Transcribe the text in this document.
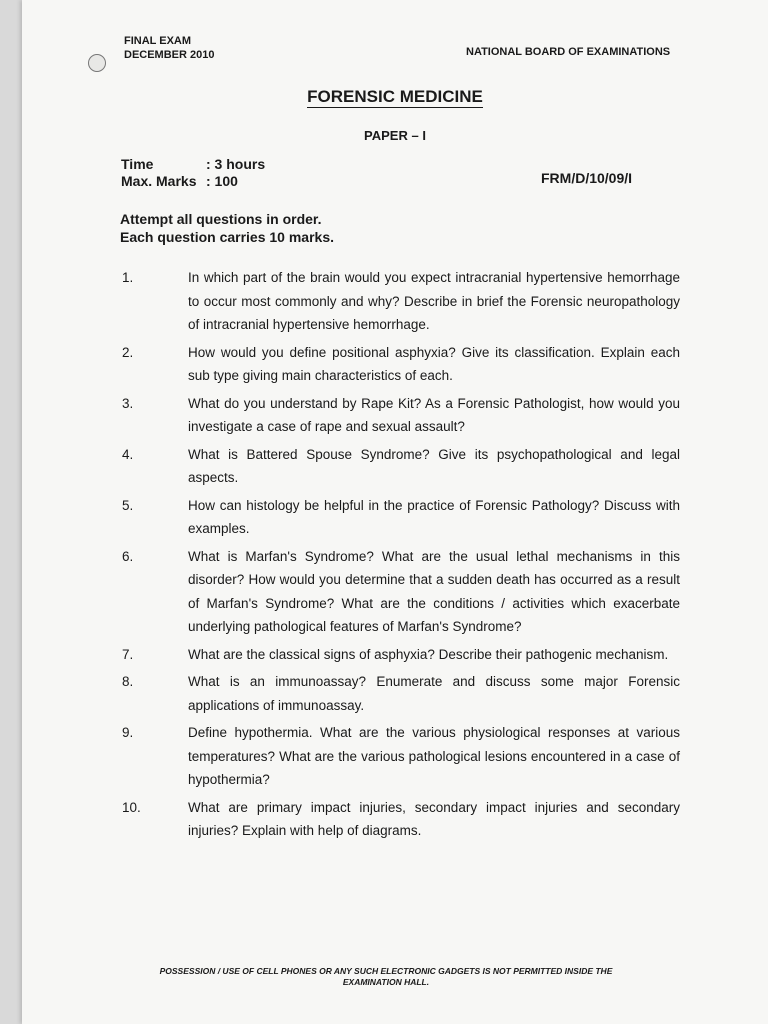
FINAL EXAM
DECEMBER 2010	NATIONAL BOARD OF EXAMINATIONS
FORENSIC MEDICINE
PAPER – I
Time	: 3 hours
Max. Marks : 100	FRM/D/10/09/I
Attempt all questions in order.
Each question carries 10 marks.
1.	In which part of the brain would you expect intracranial hypertensive hemorrhage to occur most commonly and why? Describe in brief the Forensic neuropathology of intracranial hypertensive hemorrhage.
2.	How would you define positional asphyxia? Give its classification. Explain each sub type giving main characteristics of each.
3.	What do you understand by Rape Kit? As a Forensic Pathologist, how would you investigate a case of rape and sexual assault?
4.	What is Battered Spouse Syndrome? Give its psychopathological and legal aspects.
5.	How can histology be helpful in the practice of Forensic Pathology? Discuss with examples.
6.	What is Marfan's Syndrome? What are the usual lethal mechanisms in this disorder? How would you determine that a sudden death has occurred as a result of Marfan's Syndrome? What are the conditions / activities which exacerbate underlying pathological features of Marfan's Syndrome?
7.	What are the classical signs of asphyxia? Describe their pathogenic mechanism.
8.	What is an immunoassay? Enumerate and discuss some major Forensic applications of immunoassay.
9.	Define hypothermia. What are the various physiological responses at various temperatures? What are the various pathological lesions encountered in a case of hypothermia?
10.	What are primary impact injuries, secondary impact injuries and secondary injuries? Explain with help of diagrams.
POSSESSION / USE OF CELL PHONES OR ANY SUCH ELECTRONIC GADGETS IS NOT PERMITTED INSIDE THE
EXAMINATION HALL.
